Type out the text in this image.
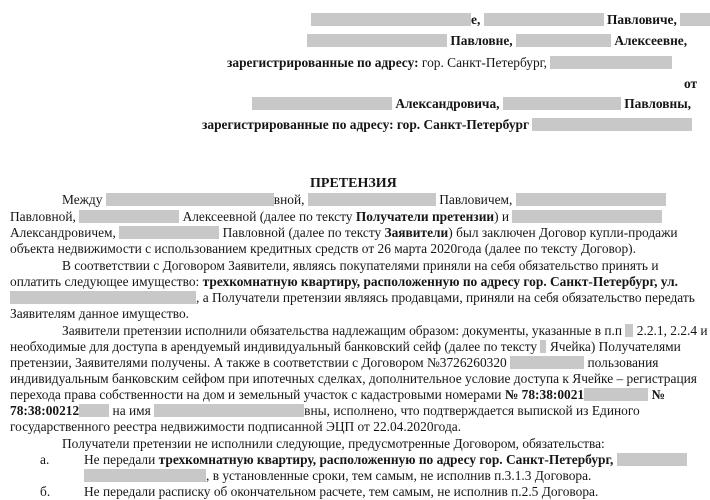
е,	Павловиче,
Павловне,	Алексеевне,
зарегистрированные по адресу: гор. Санкт-Петербург,
от
Александровича,	Павловны,
зарегистрированные по адресу: гор. Санкт-Петербург
ПРЕТЕНЗИЯ
Между	вной,	Павловичем,
Павловной,	Алексеевной (далее по тексту Получатели претензии) и
Александровичем,	Павловной (далее по тексту Заявители) был заключен Договор купли-продажи
объекта недвижимости с использованием кредитных средств от 26 марта 2020года (далее по тексту Договор).
В соответствии с Договором Заявители, являясь покупателями приняли на себя обязательство принять и
оплатить следующее имущество: трехкомнатную квартиру, расположенную по адресу гор. Санкт-Петербург, ул.
, а Получатели претензии являясь продавцами, приняли на себя обязательство передать
Заявителям данное имущество.
Заявители претензии исполнили обязательства надлежащим образом: документы, указанные в п.п 2.2.1, 2.2.4 и
необходимые для доступа в арендуемый индивидуальный банковский сейф (далее по тексту Ячейка) Получателями
претензии, Заявителями получены. А также в соответствии с Договором №3726260320	пользования
индивидуальным банковским сейфом при ипотечных сделках, дополнительное условие доступа к Ячейке – регистрация
перехода права собственности на дом и земельный участок с кадастровыми номерами № 78:38:0021	№
78:38:00212 на имя	вны, исполнено, что подтверждается выпиской из Единого
государственного реестра недвижимости подписанной ЭЦП от 22.04.2020года.
Получатели претензии не исполнили следующие, предусмотренные Договором, обязательства:
а.	Не передали трехкомнатную квартиру, расположенную по адресу гор. Санкт-Петербург,
, в установленные сроки, тем самым, не исполнив п.3.1.3 Договора.
б.	Не передали расписку об окончательном расчете, тем самым, не исполнив п.2.5 Договора.
